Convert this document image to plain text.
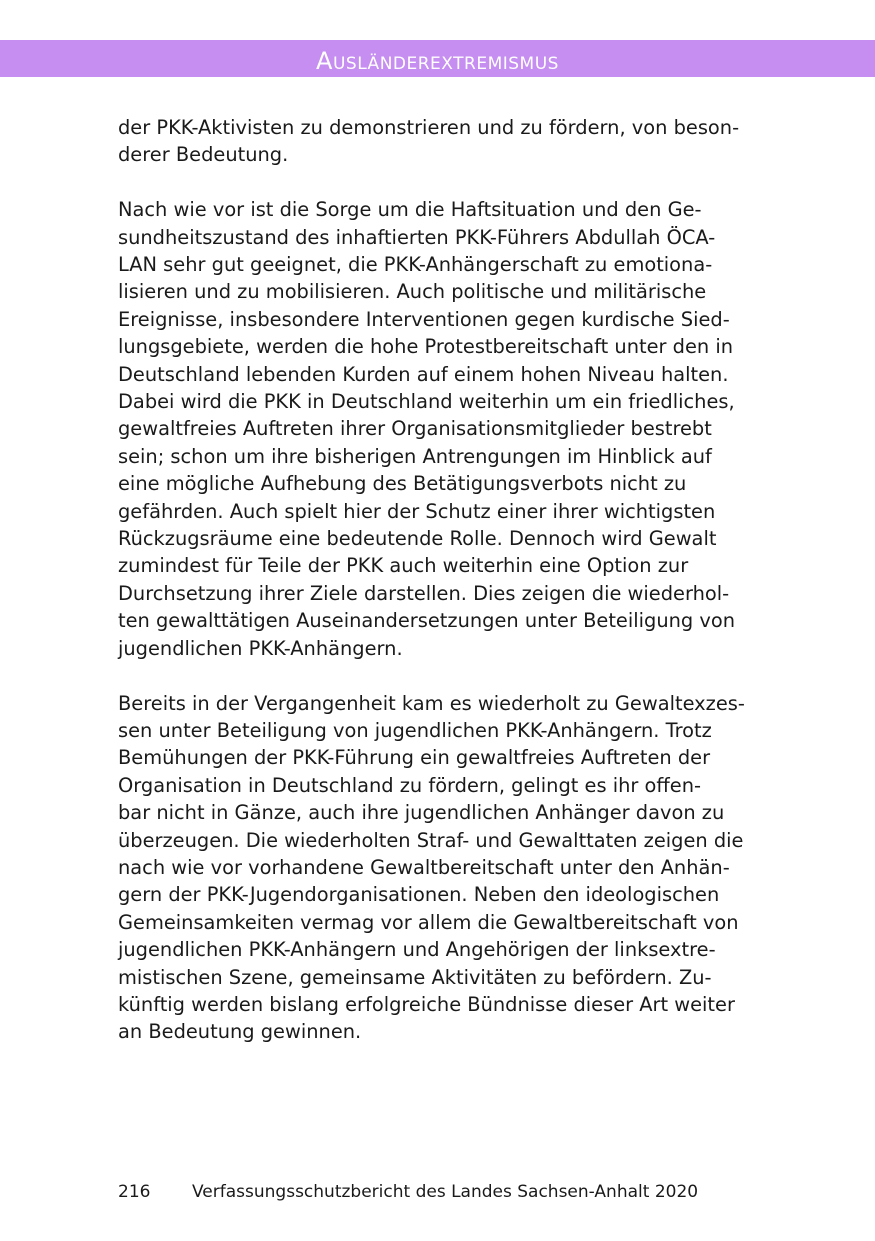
Ausländerextremismus

der PKK-Aktivisten zu demonstrieren und zu fördern, von beson-

derer Bedeutung.

Nach wie vor ist die Sorge um die Haftsituation und den Ge-

sundheitszustand des inhaftierten PKK-Führers Abdullah ÖCA-

LAN sehr gut geeignet, die PKK-Anhängerschaft zu emotiona-

lisieren und zu mobilisieren. Auch politische und militärische

Ereignisse, insbesondere Interventionen gegen kurdische Sied-

lungsgebiete, werden die hohe Protestbereitschaft unter den in

Deutschland lebenden Kurden auf einem hohen Niveau halten.

Dabei wird die PKK in Deutschland weiterhin um ein friedliches,

gewaltfreies Auftreten ihrer Organisationsmitglieder bestrebt

sein; schon um ihre bisherigen Antrengungen im Hinblick auf

eine mögliche Aufhebung des Betätigungsverbots nicht zu

gefährden. Auch spielt hier der Schutz einer ihrer wichtigsten

Rückzugsräume eine bedeutende Rolle. Dennoch wird Gewalt

zumindest für Teile der PKK auch weiterhin eine Option zur

Durchsetzung ihrer Ziele darstellen. Dies zeigen die wiederhol-

ten gewalttätigen Auseinandersetzungen unter Beteiligung von

jugendlichen PKK-Anhängern.

Bereits in der Vergangenheit kam es wiederholt zu Gewaltexzes-

sen unter Beteiligung von jugendlichen PKK-Anhängern. Trotz

Bemühungen der PKK-Führung ein gewaltfreies Auftreten der

Organisation in Deutschland zu fördern, gelingt es ihr offen-

bar nicht in Gänze, auch ihre jugendlichen Anhänger davon zu

überzeugen. Die wiederholten Straf- und Gewalttaten zeigen die

nach wie vor vorhandene Gewaltbereitschaft unter den Anhän-

gern der PKK-Jugendorganisationen. Neben den ideologischen

Gemeinsamkeiten vermag vor allem die Gewaltbereitschaft von

jugendlichen PKK-Anhängern und Angehörigen der linksextre-

mistischen Szene, gemeinsame Aktivitäten zu befördern. Zu-

künftig werden bislang erfolgreiche Bündnisse dieser Art weiter

an Bedeutung gewinnen.

216 Verfassungsschutzbericht des Landes Sachsen-Anhalt 2020
